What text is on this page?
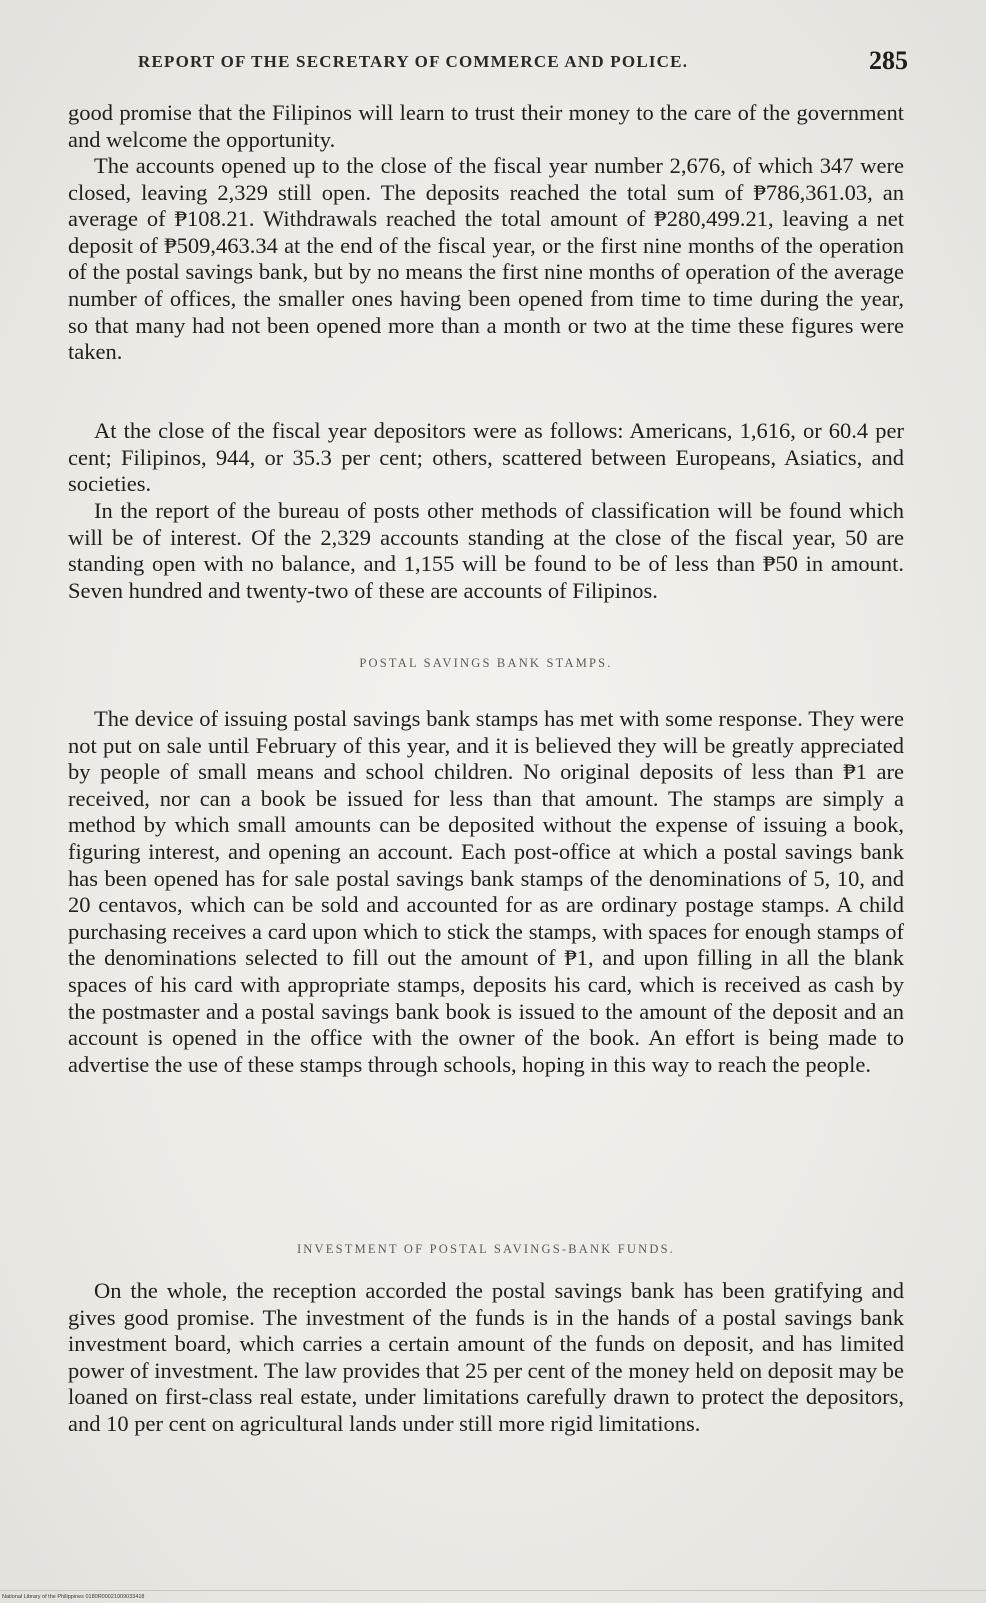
REPORT OF THE SECRETARY OF COMMERCE AND POLICE.	285

good promise that the Filipinos will learn to trust their money to the care of the government and welcome the opportunity.

The accounts opened up to the close of the fiscal year number 2,676, of which 347 were closed, leaving 2,329 still open. The deposits reached the total sum of ₱786,361.03, an average of ₱108.21. Withdrawals reached the total amount of ₱280,499.21, leaving a net deposit of ₱509,463.34 at the end of the fiscal year, or the first nine months of the operation of the postal savings bank, but by no means the first nine months of operation of the average number of offices, the smaller ones having been opened from time to time during the year, so that many had not been opened more than a month or two at the time these figures were taken.

At the close of the fiscal year depositors were as follows: Americans, 1,616, or 60.4 per cent; Filipinos, 944, or 35.3 per cent; others, scattered between Europeans, Asiatics, and societies.

In the report of the bureau of posts other methods of classification will be found which will be of interest. Of the 2,329 accounts standing at the close of the fiscal year, 50 are standing open with no balance, and 1,155 will be found to be of less than ₱50 in amount. Seven hundred and twenty-two of these are accounts of Filipinos.

POSTAL SAVINGS BANK STAMPS.

The device of issuing postal savings bank stamps has met with some response. They were not put on sale until February of this year, and it is believed they will be greatly appreciated by people of small means and school children. No original deposits of less than ₱1 are received, nor can a book be issued for less than that amount. The stamps are simply a method by which small amounts can be deposited without the expense of issuing a book, figuring interest, and opening an account. Each post-office at which a postal savings bank has been opened has for sale postal savings bank stamps of the denominations of 5, 10, and 20 centavos, which can be sold and accounted for as are ordinary postage stamps. A child purchasing receives a card upon which to stick the stamps, with spaces for enough stamps of the denominations selected to fill out the amount of ₱1, and upon filling in all the blank spaces of his card with appropriate stamps, deposits his card, which is received as cash by the postmaster and a postal savings bank book is issued to the amount of the deposit and an account is opened in the office with the owner of the book. An effort is being made to advertise the use of these stamps through schools, hoping in this way to reach the people.

INVESTMENT OF POSTAL SAVINGS-BANK FUNDS.

On the whole, the reception accorded the postal savings bank has been gratifying and gives good promise. The investment of the funds is in the hands of a postal savings bank investment board, which carries a certain amount of the funds on deposit, and has limited power of investment. The law provides that 25 per cent of the money held on deposit may be loaned on first-class real estate, under limitations carefully drawn to protect the depositors, and 10 per cent on agricultural lands under still more rigid limitations.

National Library of the Philippines 0180R00021009033418
